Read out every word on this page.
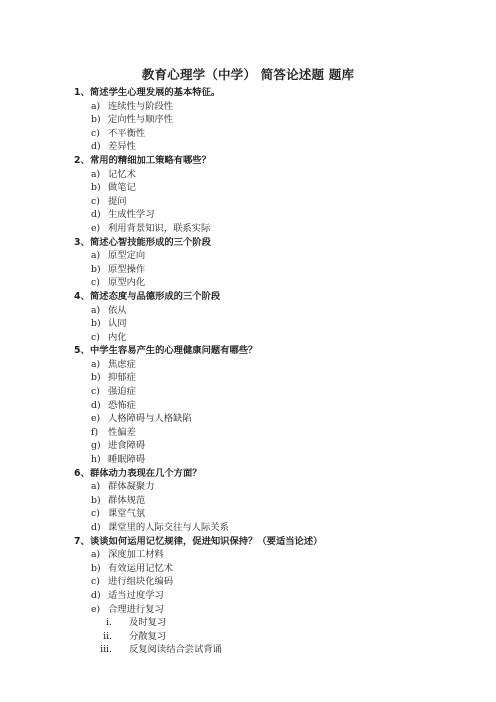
教育心理学（中学） 简答论述题 题库
1、简述学生心理发展的基本特征。
a) 连续性与阶段性
b) 定向性与顺序性
c) 不平衡性
d) 差异性
2、常用的精细加工策略有哪些？
a) 记忆术
b) 做笔记
c) 提问
d) 生成性学习
e) 利用背景知识，联系实际
3、简述心智技能形成的三个阶段
a) 原型定向
b) 原型操作
c) 原型内化
4、简述态度与品德形成的三个阶段
a) 依从
b) 认同
c) 内化
5、中学生容易产生的心理健康问题有哪些？
a) 焦虑症
b) 抑郁症
c) 强迫症
d) 恐怖症
e) 人格障碍与人格缺陷
f) 性偏差
g) 进食障碍
h) 睡眠障碍
6、群体动力表现在几个方面？
a) 群体凝聚力
b) 群体规范
c) 课堂气氛
d) 课堂里的人际交往与人际关系
7、谈谈如何运用记忆规律，促进知识保持？（要适当论述）
a) 深度加工材料
b) 有效运用记忆术
c) 进行组块化编码
d) 适当过度学习
e) 合理进行复习
i. 及时复习
ii. 分散复习
iii. 反复阅读结合尝试背诵
